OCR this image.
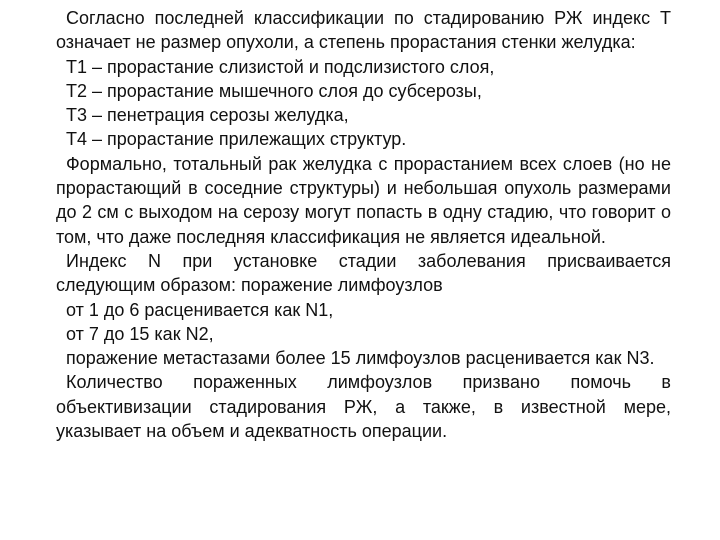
Согласно последней классификации по стадированию РЖ индекс Т означает не размер опухоли, а степень прорастания стенки желудка:

Т1 – прорастание слизистой и подслизистого слоя,

Т2 – прорастание мышечного слоя до субсерозы,

Т3 – пенетрация серозы желудка,

Т4 – прорастание прилежащих структур.

Формально, тотальный рак желудка с прорастанием всех слоев (но не прорастающий в соседние структуры) и небольшая опухоль размерами до 2 см с выходом на серозу могут попасть в одну стадию, что говорит о том, что даже последняя классификация не является идеальной.

Индекс N при установке стадии заболевания присваивается следующим образом: поражение лимфоузлов

от 1 до 6 расценивается как N1,

от 7 до 15 как N2,

поражение метастазами более 15 лимфоузлов расценивается как N3.

Количество пораженных лимфоузлов призвано помочь в объективизации стадирования РЖ, а также, в известной мере, указывает на объем и адекватность операции.
